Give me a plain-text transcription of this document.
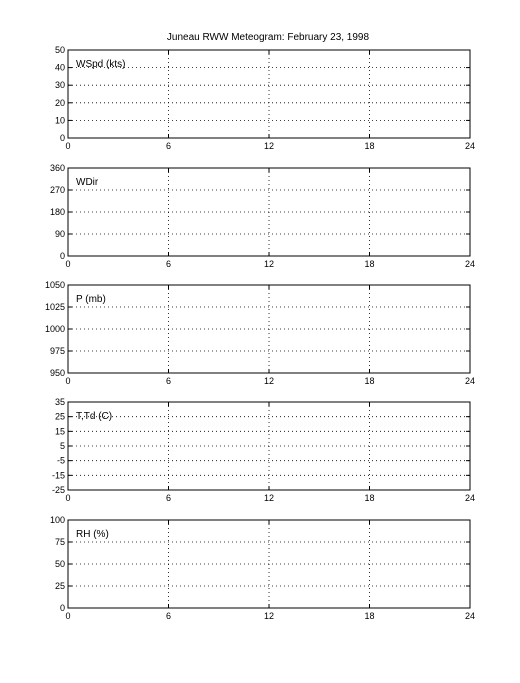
Juneau RWW Meteogram: February 23, 1998
0
10
20
30
40
50
0	6	12	18	24
WSpd (kts)
0
90
180
270
360
0	6	12	18	24
WDir
950
975
1000
1025
1050
0	6	12	18	24
P (mb)
-25
-15
-5
5
15
25
35
0	6	12	18	24
T,Td (C)
0
25
50
75
100
0	6	12	18	24
RH (%)
